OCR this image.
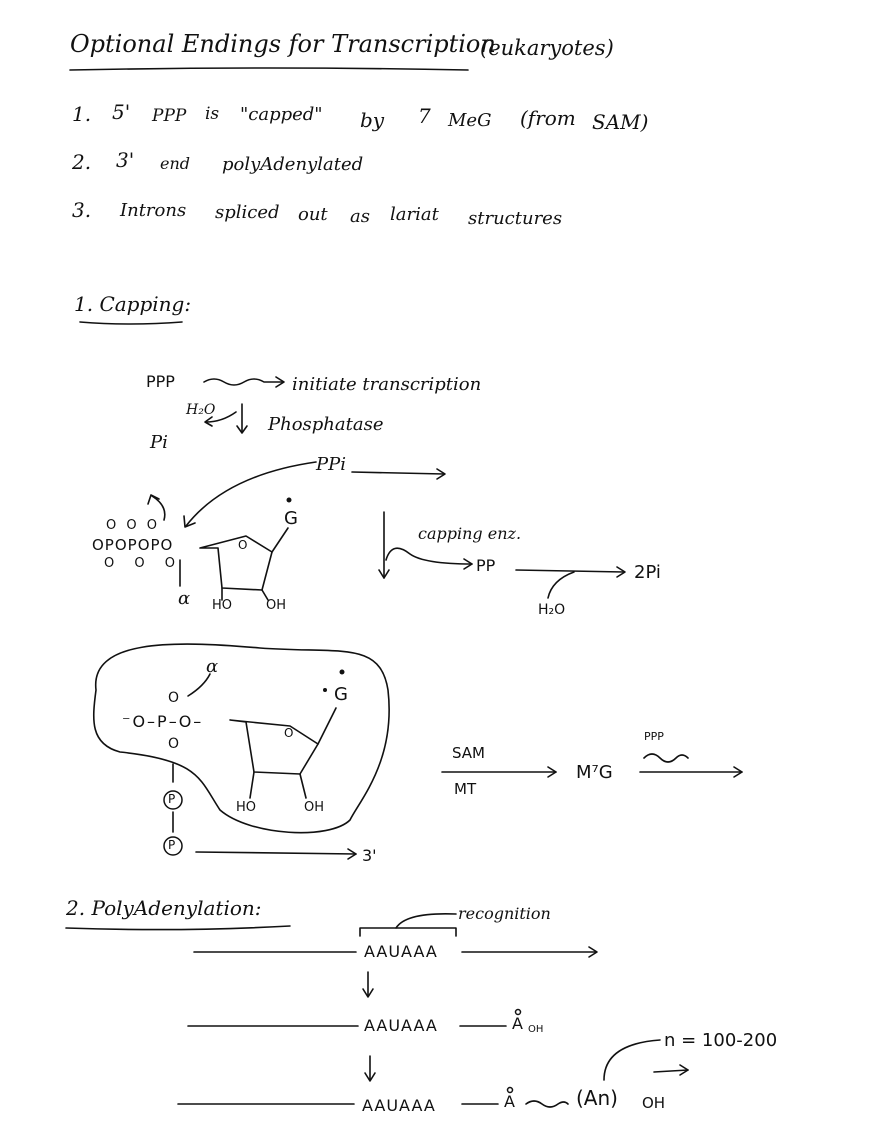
Optional Endings for Transcription
(eukaryotes)
1. 5' PPP is "capped" by 7 MeG (from SAM)
2. 3' end polyAdenylated
3. Introns spliced out as lariat structures
1. Capping:
PPP	initiate transcription
H₂O
Phosphatase
Pi
PPi
G
O O O
OPOPOPO
O O O
α HO	OH
O
capping enz.
PP	2Pi
H₂O
α
O
⁻O–P–O–
O
G
O
HO	OH
P
P
3'
SAM
MT
M⁷G
PPP
2. PolyAdenylation:	recognition
AAUAAA
AAUAAA	A OH
AAUAAA	A	(An) OH
n = 100-200
